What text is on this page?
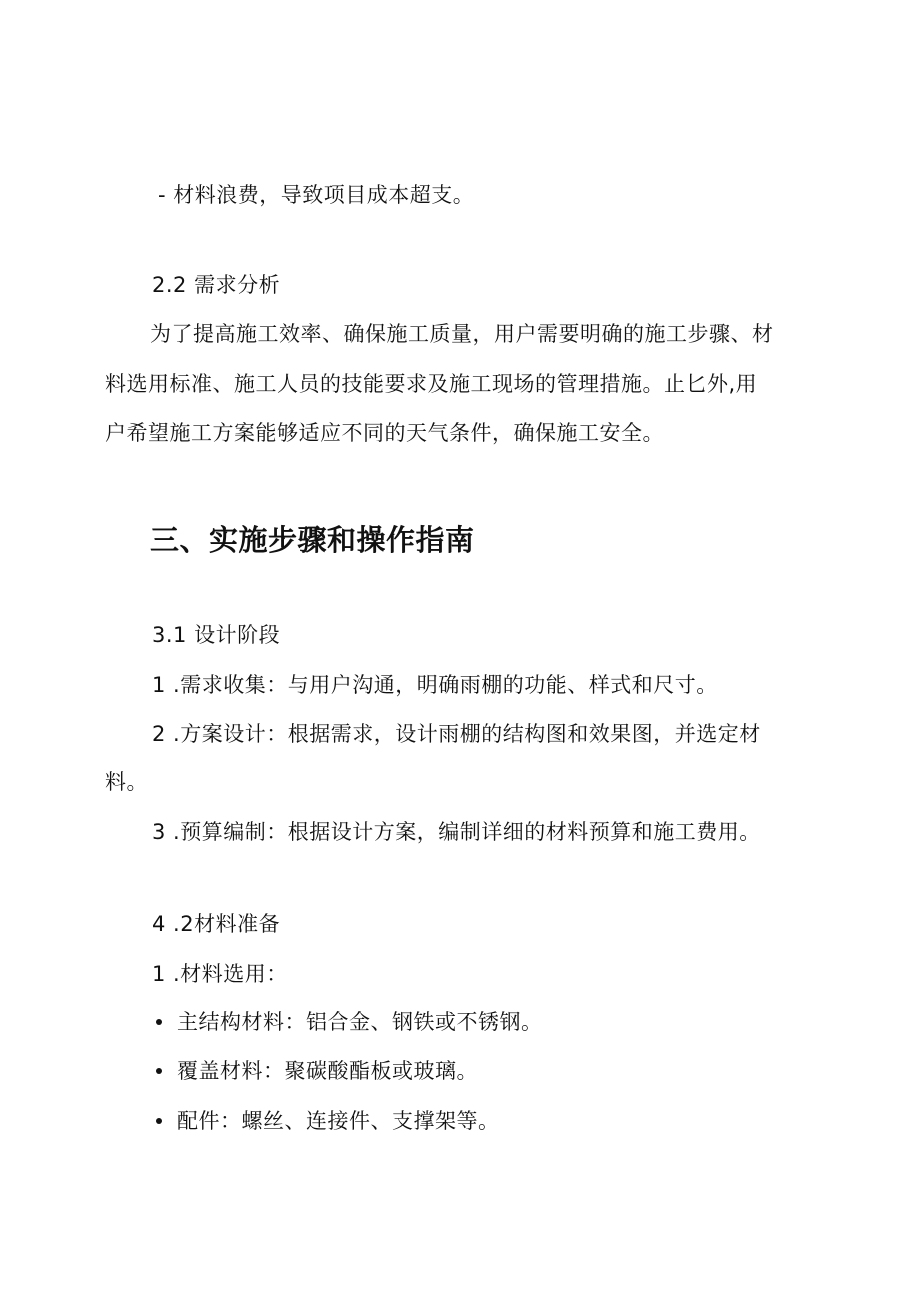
- 材料浪费，导致项目成本超支。
2.2 需求分析
为了提高施工效率、确保施工质量，用户需要明确的施工步骤、材
料选用标准、施工人员的技能要求及施工现场的管理措施。止匕外,用
户希望施工方案能够适应不同的天气条件，确保施工安全。
三、实施步骤和操作指南
3.1 设计阶段
1 .需求收集：与用户沟通，明确雨棚的功能、样式和尺寸。
2 .方案设计：根据需求，设计雨棚的结构图和效果图，并选定材
料。
3 .预算编制：根据设计方案，编制详细的材料预算和施工费用。
4 .2材料准备
1 .材料选用：
主结构材料：铝合金、钢铁或不锈钢。
覆盖材料：聚碳酸酯板或玻璃。
配件：螺丝、连接件、支撑架等。
